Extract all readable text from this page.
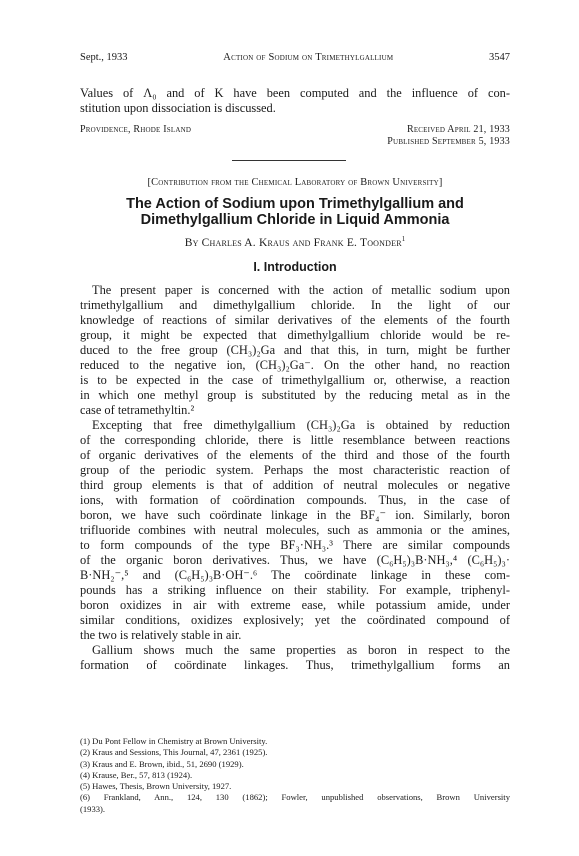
Sept., 1933	Action of Sodium on Trimethylgallium	3547
Values of Λ₀ and of K have been computed and the influence of con-
stitution upon dissociation is discussed.
Providence, Rhode Island	Received April 21, 1933
Published September 5, 1933
[Contribution from the Chemical Laboratory of Brown University]
The Action of Sodium upon Trimethylgallium and
Dimethylgallium Chloride in Liquid Ammonia
By Charles A. Kraus and Frank E. Toonder$^1$
I. Introduction
The present paper is concerned with the action of metallic sodium upon
trimethylgallium and dimethylgallium chloride. In the light of our
knowledge of reactions of similar derivatives of the elements of the fourth
group, it might be expected that dimethylgallium chloride would be re-
duced to the free group (CH₃)₂Ga and that this, in turn, might be further
reduced to the negative ion, (CH₃)₂Ga⁻. On the other hand, no reaction
is to be expected in the case of trimethylgallium or, otherwise, a reaction
in which one methyl group is substituted by the reducing metal as in the
case of tetramethyltin.²
Excepting that free dimethylgallium (CH₃)₂Ga is obtained by reduction
of the corresponding chloride, there is little resemblance between reactions
of organic derivatives of the elements of the third and those of the fourth
group of the periodic system. Perhaps the most characteristic reaction of
third group elements is that of addition of neutral molecules or negative
ions, with formation of coördination compounds. Thus, in the case of
boron, we have such coördinate linkage in the BF₄⁻ ion. Similarly, boron
trifluoride combines with neutral molecules, such as ammonia or the amines,
to form compounds of the type BF₃·NH₃.³ There are similar compounds
of the organic boron derivatives. Thus, we have (C₆H₅)₃B·NH₃,⁴ (C₆H₅)₃·
B·NH₂⁻,⁵ and (C₆H₅)₃B·OH⁻.⁶ The coördinate linkage in these com-
pounds has a striking influence on their stability. For example, triphenyl-
boron oxidizes in air with extreme ease, while potassium amide, under
similar conditions, oxidizes explosively; yet the coördinated compound of
the two is relatively stable in air.
Gallium shows much the same properties as boron in respect to the
formation of coördinate linkages. Thus, trimethylgallium forms an
(1) Du Pont Fellow in Chemistry at Brown University.
(2) Kraus and Sessions, This Journal, 47, 2361 (1925).
(3) Kraus and E. Brown, ibid., 51, 2690 (1929).
(4) Krause, Ber., 57, 813 (1924).
(5) Hawes, Thesis, Brown University, 1927.
(6) Frankland, Ann., 124, 130 (1862); Fowler, unpublished observations, Brown University
(1933).
